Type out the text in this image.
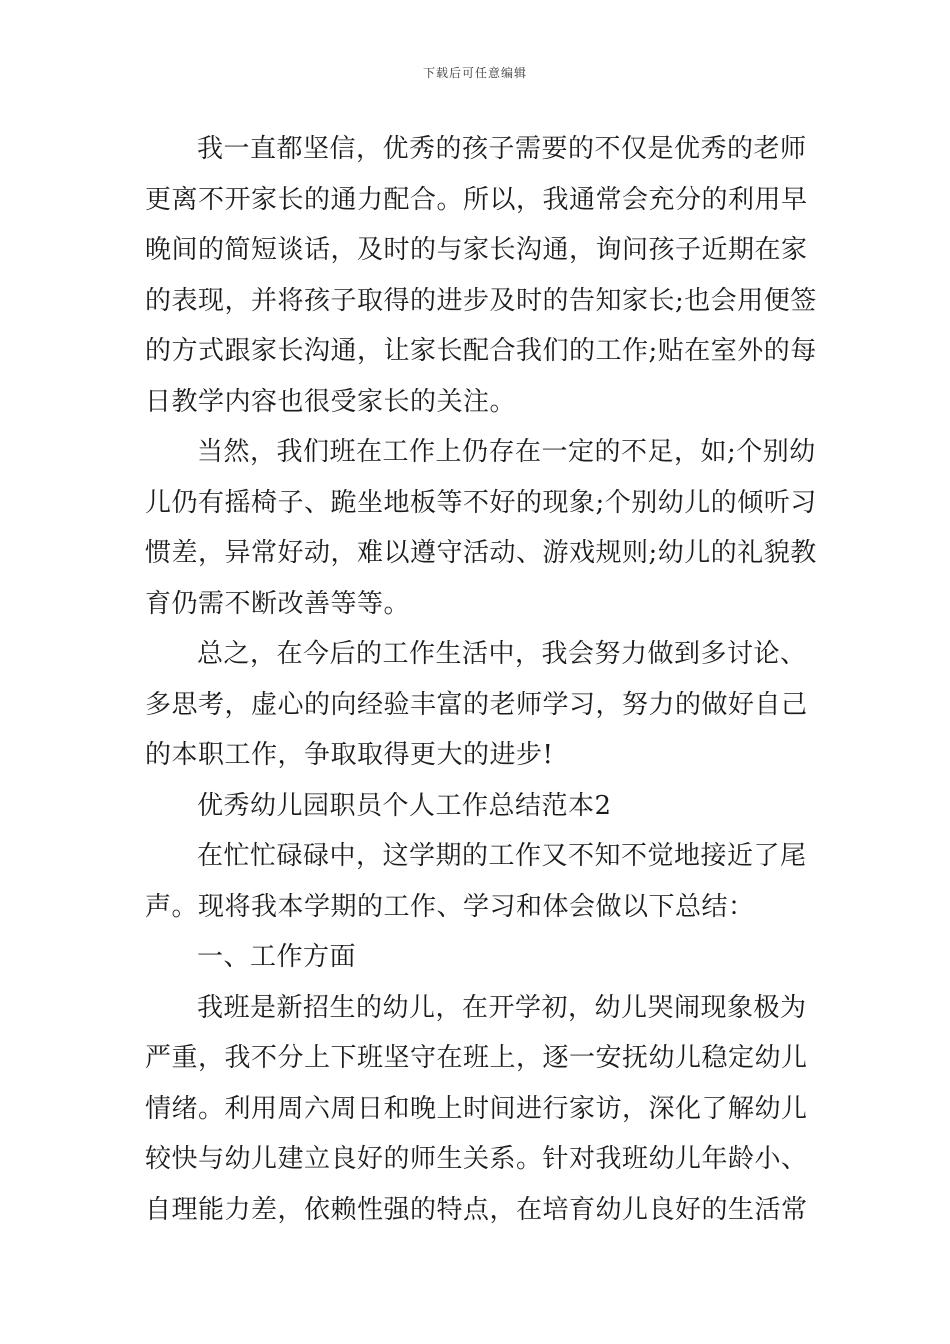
下载后可任意编辑
我一直都坚信，优秀的孩子需要的不仅是优秀的老师
更离不开家长的通力配合。所以，我通常会充分的利用早
晚间的简短谈话，及时的与家长沟通，询问孩子近期在家
的表现，并将孩子取得的进步及时的告知家长;也会用便签
的方式跟家长沟通，让家长配合我们的工作;贴在室外的每
日教学内容也很受家长的关注。
当然，我们班在工作上仍存在一定的不足，如;个别幼
儿仍有摇椅子、跪坐地板等不好的现象;个别幼儿的倾听习
惯差，异常好动，难以遵守活动、游戏规则;幼儿的礼貌教
育仍需不断改善等等。
总之，在今后的工作生活中，我会努力做到多讨论、
多思考，虚心的向经验丰富的老师学习，努力的做好自己
的本职工作，争取取得更大的进步!
优秀幼儿园职员个人工作总结范本2
在忙忙碌碌中，这学期的工作又不知不觉地接近了尾
声。现将我本学期的工作、学习和体会做以下总结：
一、工作方面
我班是新招生的幼儿，在开学初，幼儿哭闹现象极为
严重，我不分上下班坚守在班上，逐一安抚幼儿稳定幼儿
情绪。利用周六周日和晚上时间进行家访，深化了解幼儿
较快与幼儿建立良好的师生关系。针对我班幼儿年龄小、
自理能力差，依赖性强的特点，在培育幼儿良好的生活常
